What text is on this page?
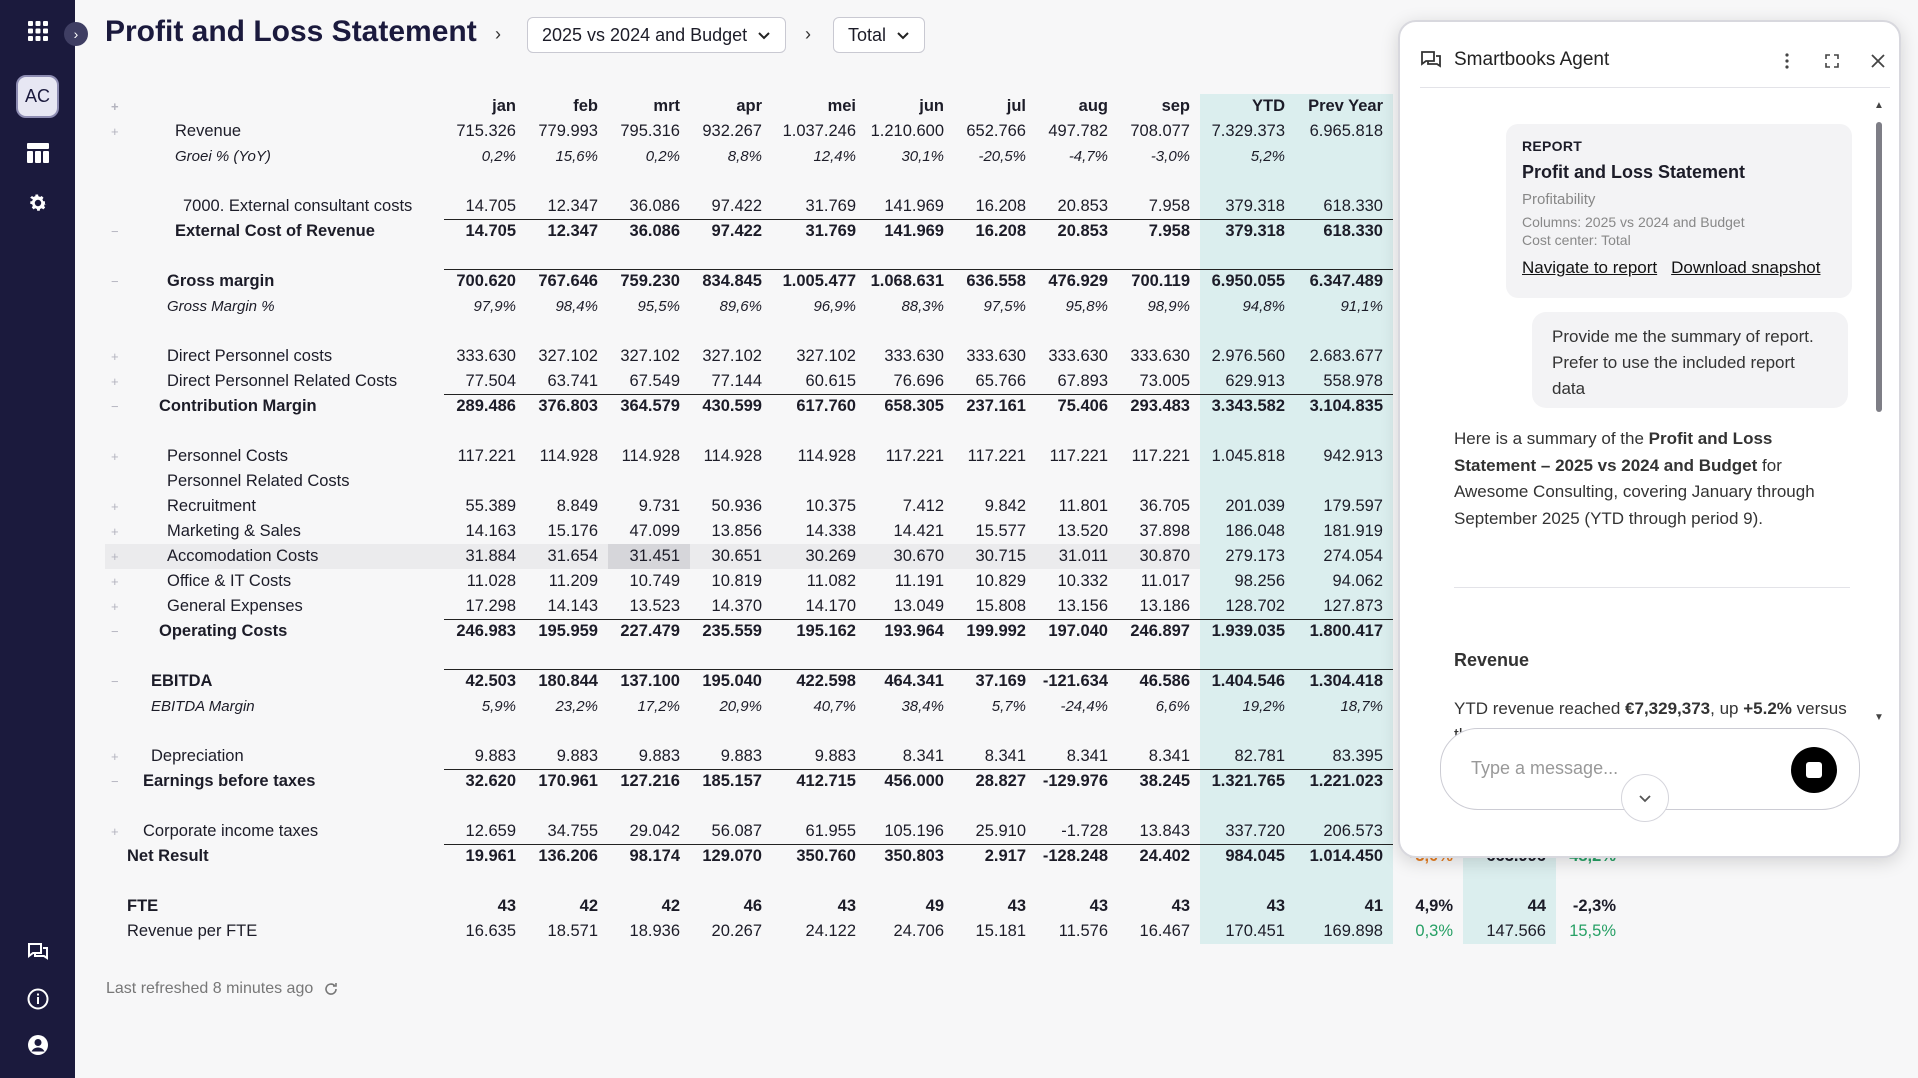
›
AC
Profit and Loss Statement › 2025 vs 2024 and Budget	› Total
+		jan	feb	mrt	apr	mei	jun	jul	aug	sep	YTD	Prev Year			
+	Revenue	715.326	779.993	795.316	932.267	1.037.246	1.210.600	652.766	497.782	708.077	7.329.373	6.965.818			
	Groei % (YoY)	0,2%	15,6%	0,2%	8,8%	12,4%	30,1%	-20,5%	-4,7%	-3,0%	5,2%				

	7000. External consultant costs	14.705	12.347	36.086	97.422	31.769	141.969	16.208	20.853	7.958	379.318	618.330			
−	External Cost of Revenue	14.705	12.347	36.086	97.422	31.769	141.969	16.208	20.853	7.958	379.318	618.330			

−	Gross margin	700.620	767.646	759.230	834.845	1.005.477	1.068.631	636.558	476.929	700.119	6.950.055	6.347.489			
	Gross Margin %	97,9%	98,4%	95,5%	89,6%	96,9%	88,3%	97,5%	95,8%	98,9%	94,8%	91,1%			

+	Direct Personnel costs	333.630	327.102	327.102	327.102	327.102	333.630	333.630	333.630	333.630	2.976.560	2.683.677			
+	Direct Personnel Related Costs	77.504	63.741	67.549	77.144	60.615	76.696	65.766	67.893	73.005	629.913	558.978			
−	Contribution Margin	289.486	376.803	364.579	430.599	617.760	658.305	237.161	75.406	293.483	3.343.582	3.104.835			

+	Personnel Costs	117.221	114.928	114.928	114.928	114.928	117.221	117.221	117.221	117.221	1.045.818	942.913			
	Personnel Related Costs														
+	Recruitment	55.389	8.849	9.731	50.936	10.375	7.412	9.842	11.801	36.705	201.039	179.597			
+	Marketing & Sales	14.163	15.176	47.099	13.856	14.338	14.421	15.577	13.520	37.898	186.048	181.919			
+	Accomodation Costs	31.884	31.654	31.451	30.651	30.269	30.670	30.715	31.011	30.870	279.173	274.054			
+	Office & IT Costs	11.028	11.209	10.749	10.819	11.082	11.191	10.829	10.332	11.017	98.256	94.062			
+	General Expenses	17.298	14.143	13.523	14.370	14.170	13.049	15.808	13.156	13.186	128.702	127.873			
−	Operating Costs	246.983	195.959	227.479	235.559	195.162	193.964	199.992	197.040	246.897	1.939.035	1.800.417			

−	EBITDA	42.503	180.844	137.100	195.040	422.598	464.341	37.169	-121.634	46.586	1.404.546	1.304.418			
	EBITDA Margin	5,9%	23,2%	17,2%	20,9%	40,7%	38,4%	5,7%	-24,4%	6,6%	19,2%	18,7%			

+	Depreciation	9.883	9.883	9.883	9.883	9.883	8.341	8.341	8.341	8.341	82.781	83.395			
−	Earnings before taxes	32.620	170.961	127.216	185.157	412.715	456.000	28.827	-129.976	38.245	1.321.765	1.221.023			

+	Corporate income taxes	12.659	34.755	29.042	56.087	61.955	105.196	25.910	-1.728	13.843	337.720	206.573			
	Net Result	19.961	136.206	98.174	129.070	350.760	350.803	2.917	-128.248	24.402	984.045	1.014.450			

	FTE	43	42	42	46	43	49	43	43	43	43	41	4,9%	44	-2,3%
	Revenue per FTE	16.635	18.571	18.936	20.267	24.122	24.706	15.181	11.576	16.467	170.451	169.898	0,3%	147.566	15,5%
Last refreshed 8 minutes ago
Smartbooks Agent
▲
▼
REPORT
Profit and Loss Statement
Profitability
Columns: 2025 vs 2024 and Budget
Cost center: Total
Navigate to report Download snapshot
Provide me the summary of report. Prefer to use the included report data
Here is a summary of the Profit and Loss Statement – 2025 vs 2024 and Budget for Awesome Consulting, covering January through September 2025 (YTD through period 9).
Revenue
YTD revenue reached €7,329,373, up +5.2% versus
Type a message...
